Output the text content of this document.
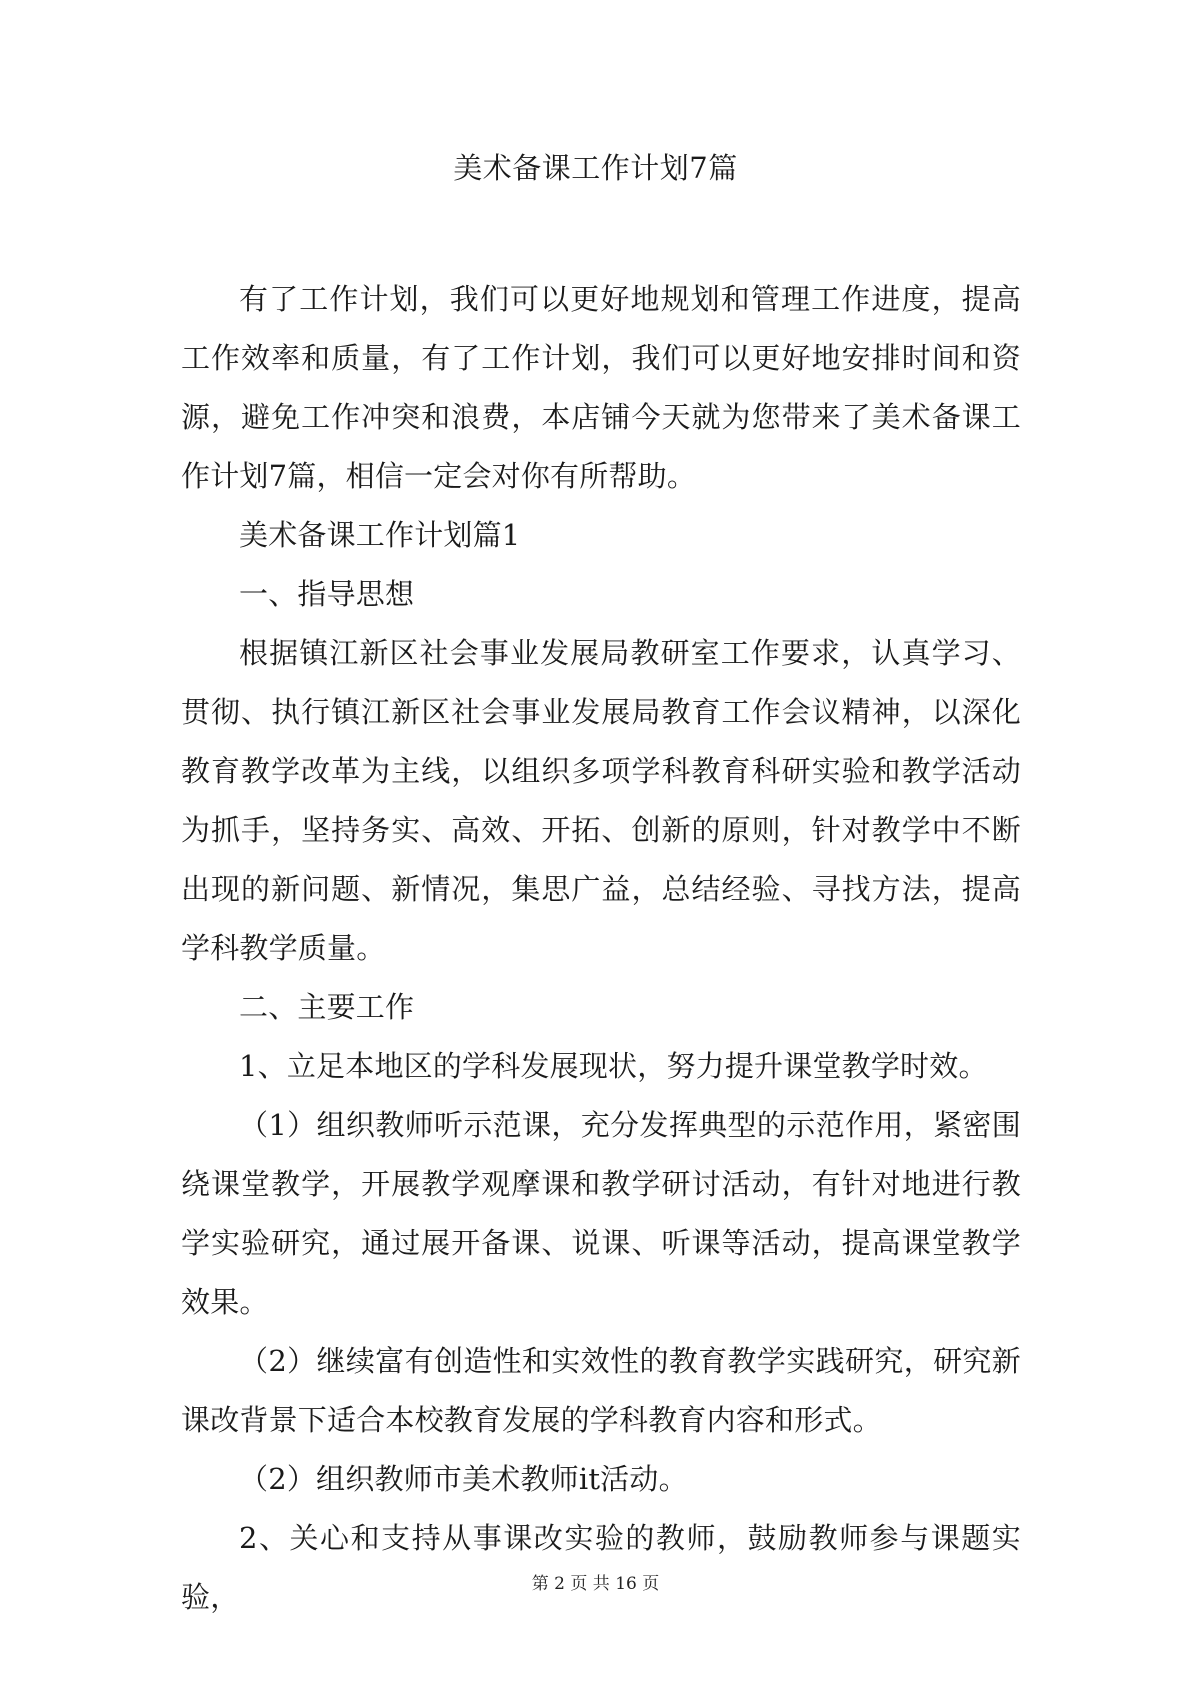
美术备课工作计划7篇

有了工作计划，我们可以更好地规划和管理工作进度，提高工作效率和质量，有了工作计划，我们可以更好地安排时间和资源，避免工作冲突和浪费，本店铺今天就为您带来了美术备课工作计划7篇，相信一定会对你有所帮助。

美术备课工作计划篇1

一、指导思想

根据镇江新区社会事业发展局教研室工作要求，认真学习、贯彻、执行镇江新区社会事业发展局教育工作会议精神，以深化教育教学改革为主线，以组织多项学科教育科研实验和教学活动为抓手，坚持务实、高效、开拓、创新的原则，针对教学中不断出现的新问题、新情况，集思广益，总结经验、寻找方法，提高学科教学质量。

二、主要工作

1、立足本地区的学科发展现状，努力提升课堂教学时效。

（1）组织教师听示范课，充分发挥典型的示范作用，紧密围绕课堂教学，开展教学观摩课和教学研讨活动，有针对地进行教学实验研究，通过展开备课、说课、听课等活动，提高课堂教学效果。

（2）继续富有创造性和实效性的教育教学实践研究，研究新课改背景下适合本校教育发展的学科教育内容和形式。

（2）组织教师市美术教师it活动。

2、关心和支持从事课改实验的教师，鼓励教师参与课题实验，	第 2 页 共 16 页
